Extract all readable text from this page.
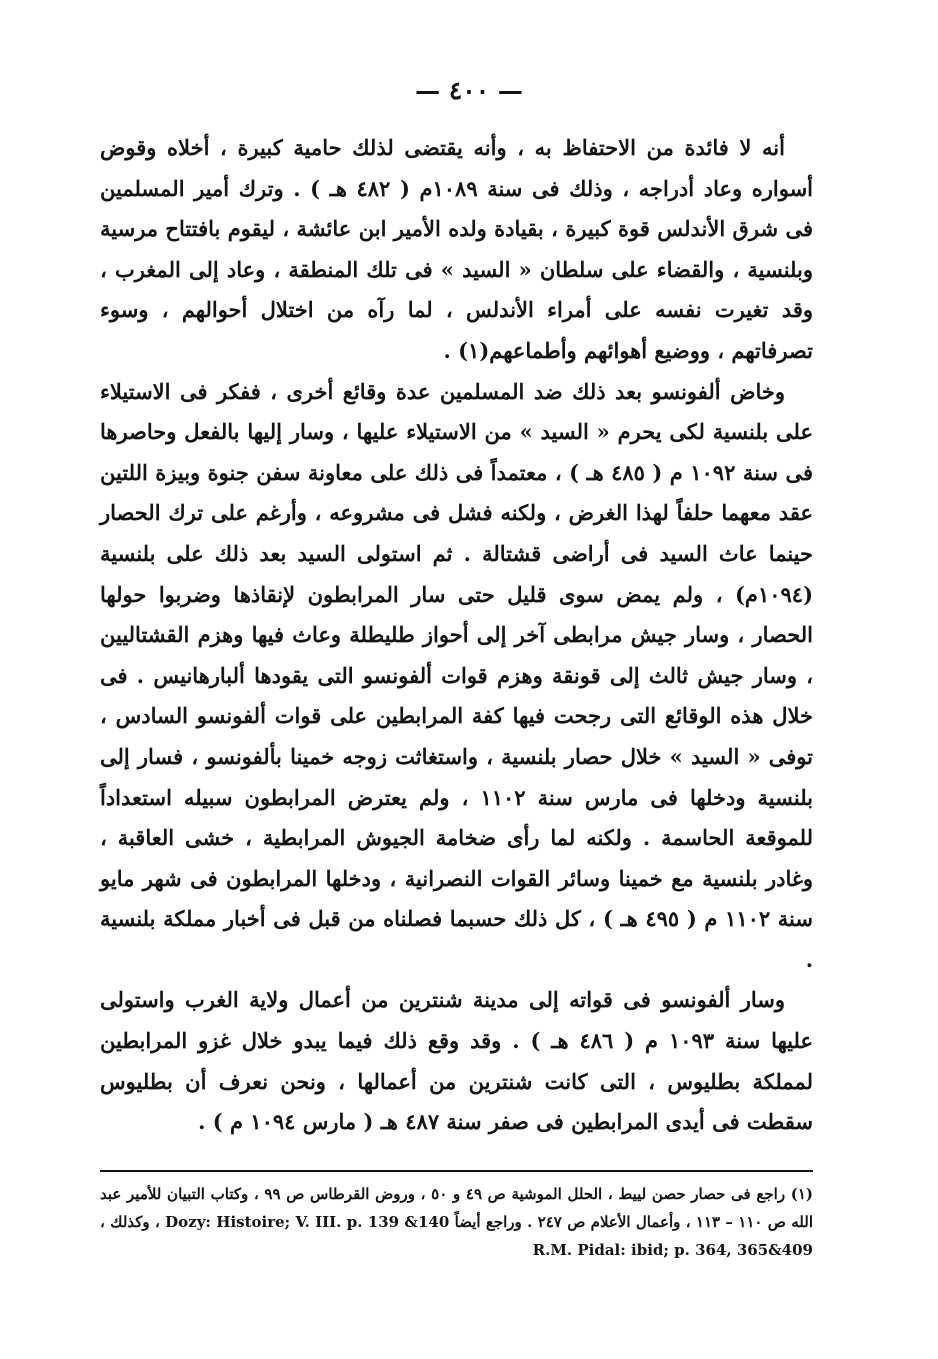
— ٤٠٠ —

أنه لا فائدة من الاحتفاظ به ، وأنه يقتضى لذلك حامية كبيرة ، أخلاه وقوض أسواره وعاد أدراجه ، وذلك فى سنة ١٠٨٩م ( ٤٨٢ هـ ) . وترك أمير المسلمين فى شرق الأندلس قوة كبيرة ، بقيادة ولده الأمير ابن عائشة ، ليقوم بافتتاح مرسية وبلنسية ، والقضاء على سلطان « السيد » فى تلك المنطقة ، وعاد إلى المغرب ، وقد تغيرت نفسه على أمراء الأندلس ، لما رآه من اختلال أحوالهم ، وسوء تصرفاتهم ، ووضيع أهوائهم وأطماعهم(١) .

وخاض ألفونسو بعد ذلك ضد المسلمين عدة وقائع أخرى ، ففكر فى الاستيلاء على بلنسية لكى يحرم « السيد » من الاستيلاء عليها ، وسار إليها بالفعل وحاصرها فى سنة ١٠٩٢ م ( ٤٨٥ هـ ) ، معتمداً فى ذلك على معاونة سفن جنوة وبيزة اللتين عقد معهما حلفاً لهذا الغرض ، ولكنه فشل فى مشروعه ، وأرغم على ترك الحصار حينما عاث السيد فى أراضى قشتالة . ثم استولى السيد بعد ذلك على بلنسية (١٠٩٤م) ، ولم يمض سوى قليل حتى سار المرابطون لإنقاذها وضربوا حولها الحصار ، وسار جيش مرابطى آخر إلى أحواز طليطلة وعاث فيها وهزم القشتاليين ، وسار جيش ثالث إلى قونقة وهزم قوات ألفونسو التى يقودها ألبارهانيس . فى خلال هذه الوقائع التى رجحت فيها كفة المرابطين على قوات ألفونسو السادس ، توفى « السيد » خلال حصار بلنسية ، واستغاثت زوجه خمينا بألفونسو ، فسار إلى بلنسية ودخلها فى مارس سنة ١١٠٢ ، ولم يعترض المرابطون سبيله استعداداً للموقعة الحاسمة . ولكنه لما رأى ضخامة الجيوش المرابطية ، خشى العاقبة ، وغادر بلنسية مع خمينا وسائر القوات النصرانية ، ودخلها المرابطون فى شهر مايو سنة ١١٠٢ م ( ٤٩٥ هـ ) ، كل ذلك حسبما فصلناه من قبل فى أخبار مملكة بلنسية .

وسار ألفونسو فى قواته إلى مدينة شنترين من أعمال ولاية الغرب واستولى عليها سنة ١٠٩٣ م ( ٤٨٦ هـ ) . وقد وقع ذلك فيما يبدو خلال غزو المرابطين لمملكة بطليوس ، التى كانت شنترين من أعمالها ، ونحن نعرف أن بطليوس سقطت فى أيدى المرابطين فى صفر سنة ٤٨٧ هـ ( مارس ١٠٩٤ م ) .

(١) راجع فى حصار حصن لييط ، الحلل الموشية ص ٤٩ و ٥٠ ، وروض القرطاس ص ٩٩ ، وكتاب التبيان للأمير عبد الله ص ١١٠ – ١١٣ ، وأعمال الأعلام ص ٢٤٧ . وراجع أيضاً Dozy: Histoire; V. III. p. 139 &140 ، وكذلك ، R.M. Pidal: ibid; p. 364, 365&409
